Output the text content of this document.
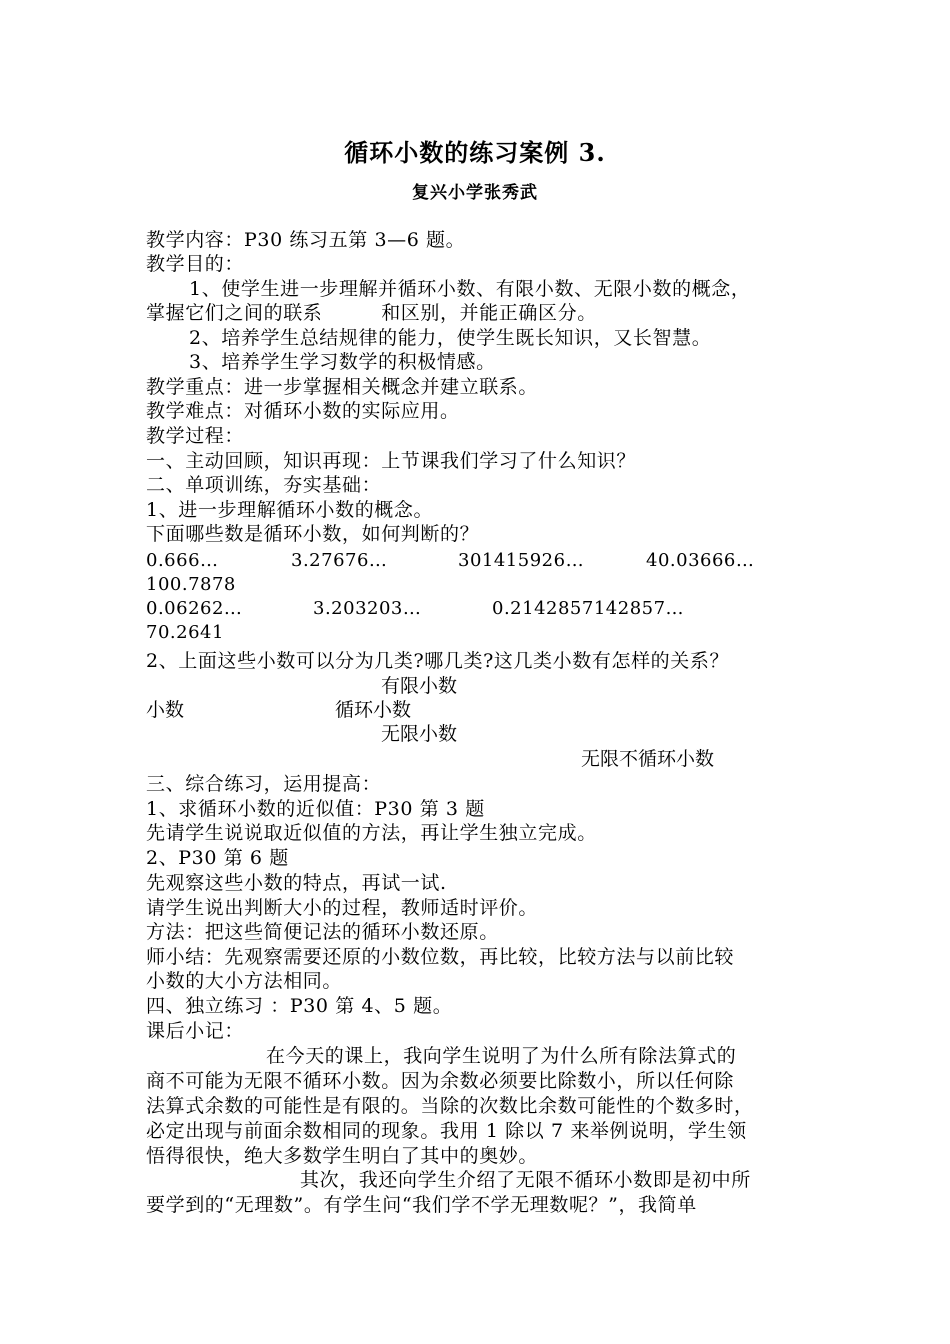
循环小数的练习案例 3.
复兴小学张秀武
教学内容：P30 练习五第 3—6 题。
教学目的：
1、使学生进一步理解并循环小数、有限小数、无限小数的概念，
掌握它们之间的联系　　　和区别，并能正确区分。
2、培养学生总结规律的能力，使学生既长知识，又长智慧。
3、培养学生学习数学的积极情感。
教学重点：进一步掌握相关概念并建立联系。
教学难点：对循环小数的实际应用。
教学过程：
一、主动回顾，知识再现：上节课我们学习了什么知识？
二、单项训练，夯实基础：
1、进一步理解循环小数的概念。
下面哪些数是循环小数，如何判断的？
0.666…	3.27676…	301415926…	40.03666…
100.7878
0.06262…	3.203203…	0.2142857142857…
70.2641
2、上面这些小数可以分为几类?哪几类?这几类小数有怎样的关系？
有限小数
小数	循环小数
无限小数
无限不循环小数
三、综合练习，运用提高：
1、求循环小数的近似值：P30 第 3 题
先请学生说说取近似值的方法，再让学生独立完成。
2、P30 第 6 题
先观察这些小数的特点，再试一试.
请学生说出判断大小的过程，教师适时评价。
方法：把这些简便记法的循环小数还原。
师小结：先观察需要还原的小数位数，再比较，比较方法与以前比较
小数的大小方法相同。
四、独立练习 ：P30 第 4、5 题。
课后小记：
在今天的课上，我向学生说明了为什么所有除法算式的
商不可能为无限不循环小数。因为余数必须要比除数小，所以任何除
法算式余数的可能性是有限的。当除的次数比余数可能性的个数多时，
必定出现与前面余数相同的现象。我用 1 除以 7 来举例说明，学生领
悟得很快，绝大多数学生明白了其中的奥妙。
其次，我还向学生介绍了无限不循环小数即是初中所
要学到的“无理数”。有学生问“我们学不学无理数呢？”，我简单
